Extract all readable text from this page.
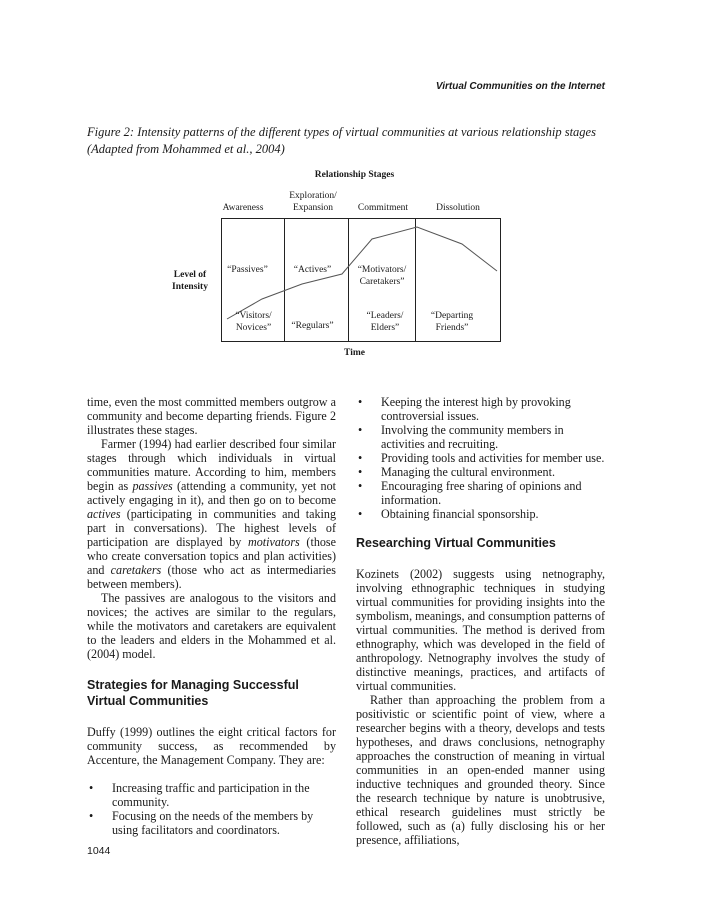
Virtual Communities on the Internet
Figure 2: Intensity patterns of the different types of virtual communities at various relationship stages (Adapted from Mohammed et al., 2004)
Relationship Stages
Awareness
Exploration/ Expansion	Commitment	Dissolution
Level of Intensity
Time
“Passives”	“Actives”	“Motivators/ Caretakers”
“Visitors/ Novices”	“Regulars”
“Leaders/ Elders”
“Departing Friends”

time, even the most committed members outgrow a community and become departing friends. Figure 2 illustrates these stages.

Farmer (1994) had earlier described four similar stages through which individuals in virtual communities mature. According to him, members begin as passives (attending a community, yet not actively engaging in it), and then go on to become actives (participating in communities and taking part in conversations). The highest levels of participation are displayed by motivators (those who create conversation topics and plan activities) and caretakers (those who act as intermediaries between members).

The passives are analogous to the visitors and novices; the actives are similar to the regulars, while the motivators and caretakers are equivalent to the leaders and elders in the Mohammed et al. (2004) model.

Strategies for Managing Successful Virtual Communities

Duffy (1999) outlines the eight critical factors for community success, as recommended by Accenture, the Management Company. They are:

• Increasing traffic and participation in the community.
• Focusing on the needs of the members by using facilitators and coordinators.
• Keeping the interest high by provoking controversial issues.
• Involving the community members in activities and recruiting.
• Providing tools and activities for member use.
• Managing the cultural environment.
• Encouraging free sharing of opinions and information.
• Obtaining financial sponsorship.
Researching Virtual Communities

Kozinets (2002) suggests using netnography, involving ethnographic techniques in studying virtual communities for providing insights into the symbolism, meanings, and consumption patterns of virtual communities. The method is derived from ethnography, which was developed in the field of anthropology. Netnography involves the study of distinctive meanings, practices, and artifacts of virtual communities.

Rather than approaching the problem from a positivistic or scientific point of view, where a researcher begins with a theory, develops and tests hypotheses, and draws conclusions, netnography approaches the construction of meaning in virtual communities in an open-ended manner using inductive techniques and grounded theory. Since the research technique by nature is unobtrusive, ethical research guidelines must strictly be followed, such as (a) fully disclosing his or her presence, affiliations,

1044
